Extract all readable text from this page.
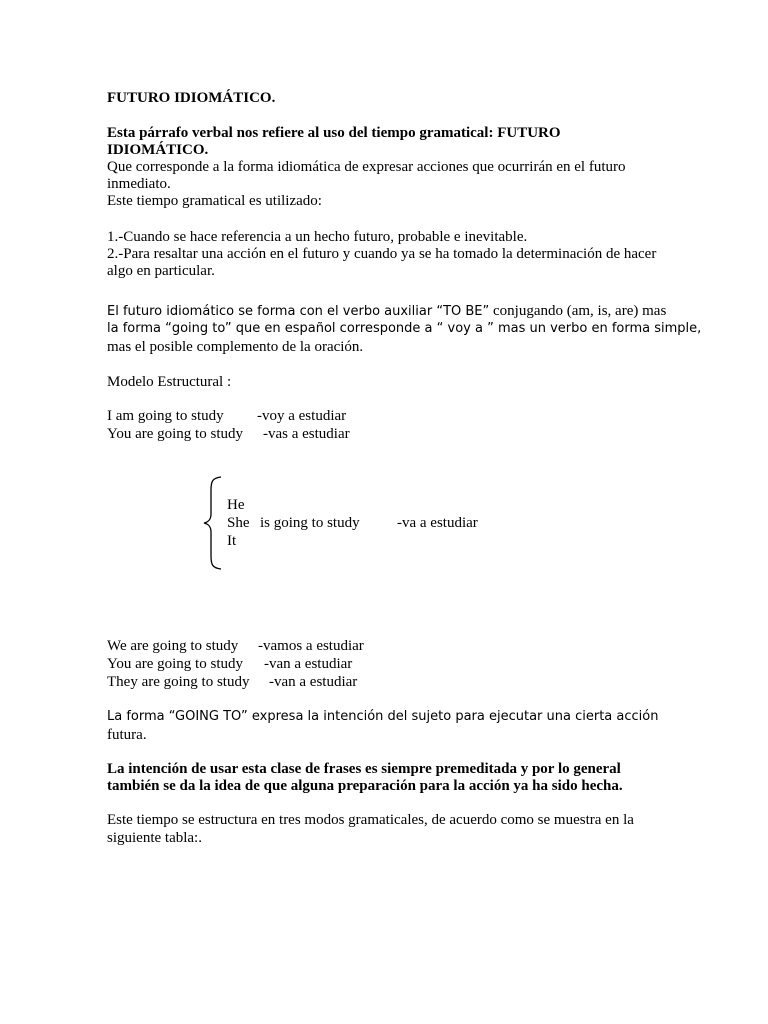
FUTURO IDIOMÁTICO.
Esta párrafo verbal nos refiere al uso del tiempo gramatical: FUTURO
IDIOMÁTICO.
Que corresponde a la forma idiomática de expresar acciones que ocurrirán en el futuro
inmediato.
Este tiempo gramatical es utilizado:
1.-Cuando se hace referencia a un hecho futuro, probable e inevitable.
2.-Para resaltar una acción en el futuro y cuando ya se ha tomado la determinación de hacer
algo en particular.
El futuro idiomático se forma con el verbo auxiliar “TO BE” conjugando (am, is, are) mas
la forma “going to” que en español corresponde a “ voy a ” mas un verbo en forma simple,
mas el posible complemento de la oración.
Modelo Estructural :
I am going to study -voy a estudiar
You are going to study -vas a estudiar
He
She
It
is going to study -va a estudiar
We are going to study -vamos a estudiar
You are going to study -van a estudiar
They are going to study -van a estudiar
La forma “GOING TO” expresa la intención del sujeto para ejecutar una cierta acción
futura.
La intención de usar esta clase de frases es siempre premeditada y por lo general
también se da la idea de que alguna preparación para la acción ya ha sido hecha.
Este tiempo se estructura en tres modos gramaticales, de acuerdo como se muestra en la
siguiente tabla:.
